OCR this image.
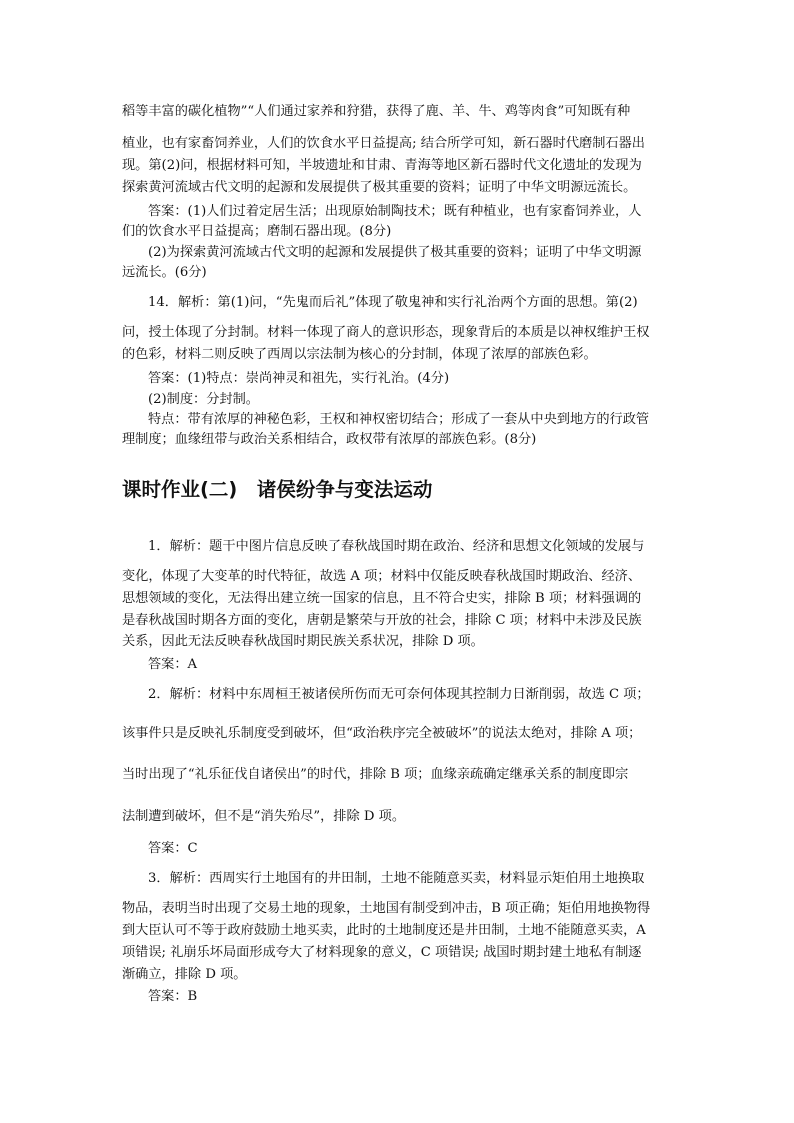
稻等丰富的碳化植物”“人们通过家养和狩猎，获得了鹿、羊、牛、鸡等肉食”可知既有种
植业，也有家畜饲养业，人们的饮食水平日益提高; 结合所学可知，新石器时代磨制石器出
现。第(2)问，根据材料可知，半坡遗址和甘肃、青海等地区新石器时代文化遗址的发现为
探索黄河流域古代文明的起源和发展提供了极其重要的资料；证明了中华文明源远流长。
答案：(1)人们过着定居生活；出现原始制陶技术；既有种植业，也有家畜饲养业，人
们的饮食水平日益提高；磨制石器出现。(8分)
(2)为探索黄河流域古代文明的起源和发展提供了极其重要的资料；证明了中华文明源
远流长。(6分)
14．解析：第(1)问，“先鬼而后礼”体现了敬鬼神和实行礼治两个方面的思想。第(2)
问，授土体现了分封制。材料一体现了商人的意识形态，现象背后的本质是以神权维护王权
的色彩，材料二则反映了西周以宗法制为核心的分封制，体现了浓厚的部族色彩。
答案：(1)特点：崇尚神灵和祖先，实行礼治。(4分)
(2)制度：分封制。
特点：带有浓厚的神秘色彩，王权和神权密切结合；形成了一套从中央到地方的行政管
理制度；血缘纽带与政治关系相结合，政权带有浓厚的部族色彩。(8分)
课时作业(二)　诸侯纷争与变法运动
1．解析：题干中图片信息反映了春秋战国时期在政治、经济和思想文化领域的发展与
变化，体现了大变革的时代特征，故选 A 项；材料中仅能反映春秋战国时期政治、经济、
思想领域的变化，无法得出建立统一国家的信息，且不符合史实，排除 B 项；材料强调的
是春秋战国时期各方面的变化，唐朝是繁荣与开放的社会，排除 C 项；材料中未涉及民族
关系，因此无法反映春秋战国时期民族关系状况，排除 D 项。
答案：A
2．解析：材料中东周桓王被诸侯所伤而无可奈何体现其控制力日渐削弱，故选 C 项；
该事件只是反映礼乐制度受到破坏，但“政治秩序完全被破坏”的说法太绝对，排除 A 项；
当时出现了“礼乐征伐自诸侯出”的时代，排除 B 项；血缘亲疏确定继承关系的制度即宗
法制遭到破坏，但不是“消失殆尽”，排除 D 项。
答案：C
3．解析：西周实行土地国有的井田制，土地不能随意买卖，材料显示矩伯用土地换取
物品，表明当时出现了交易土地的现象，土地国有制受到冲击，B 项正确；矩伯用地换物得
到大臣认可不等于政府鼓励土地买卖，此时的土地制度还是井田制，土地不能随意买卖，A
项错误; 礼崩乐坏局面形成夸大了材料现象的意义，C 项错误; 战国时期封建土地私有制逐
渐确立，排除 D 项。
答案：B
